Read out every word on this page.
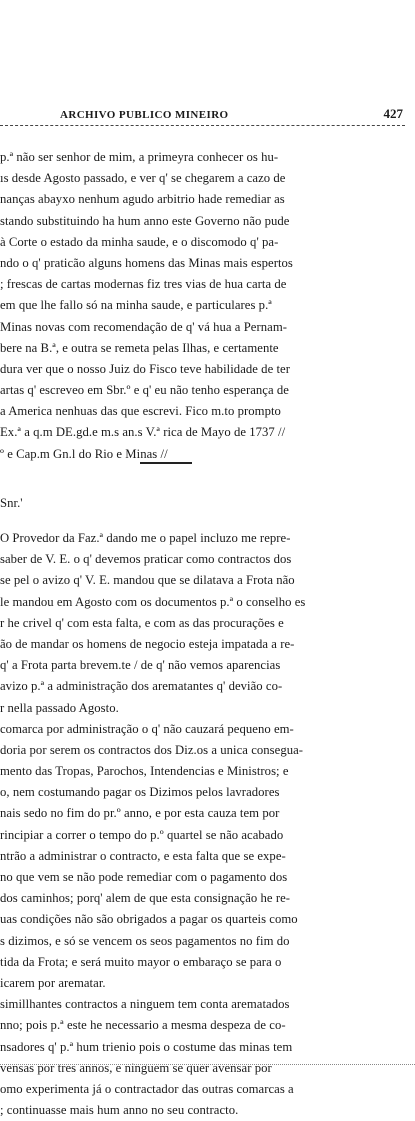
ARCHIVO PUBLICO MINEIRO	427
p.ª não ser senhor de mim, a primeyra conhecer os hu-
ıs desde Agosto passado, e ver q' se chegarem a cazo de
nanças abayxo nenhum agudo arbitrio hade remediar as
stando substituindo ha hum anno este Governo não pude
à Corte o estado da minha saude, e o discomodo q' pa-
ndo o q' praticão alguns homens das Minas mais espertos
; frescas de cartas modernas fiz tres vias de hua carta de
em que lhe fallo só na minha saude, e particulares p.ª
Minas novas com recomendação de q' vá hua a Pernam-
bere na B.ª, e outra se remeta pelas Ilhas, e certamente
dura ver que o nosso Juiz do Fisco teve habilidade de ter
artas q' escreveo em Sbr.º e q' eu não tenho esperança de
a America nenhuas das que escrevi. Fico m.to prompto
Ex.ª a q.m DE.gd.e m.s an.s V.ª rica de Mayo de 1737 //
º e Cap.m Gn.l do Rio e Minas //
Snr.'
O Provedor da Faz.ª dando me o papel incluzo me repre-
saber de V. E. o q' devemos praticar como contractos dos
se pel o avizo q' V. E. mandou que se dilatava a Frota não
le mandou em Agosto com os documentos p.ª o conselho es
r he crivel q' com esta falta, e com as das procurações e
ão de mandar os homens de negocio esteja impatada a re-
q' a Frota parta brevem.te / de q' não vemos aparencias
avizo p.ª a administração dos arematantes q' devião co-
r nella passado Agosto.
comarca por administração o q' não cauzará pequeno em-
doria por serem os contractos dos Diz.os a unica consegua-
mento das Tropas, Parochos, Intendencias e Ministros; e
o, nem costumando pagar os Dizimos pelos lavradores
nais sedo no fim do pr.º anno, e por esta cauza tem por
rincipiar a correr o tempo do p.º quartel se não acabado
ntrão a administrar o contracto, e esta falta que se expe-
no que vem se não pode remediar com o pagamento dos
dos caminhos; porq' alem de que esta consignação he re-
uas condições não são obrigados a pagar os quarteis como
s dizimos, e só se vencem os seos pagamentos no fim do
tida da Frota; e será muito mayor o embaraço se para o
icarem por arematar.
simillhantes contractos a ninguem tem conta arematados
nno; pois p.ª este he necessario a mesma despeza de co-
nsadores q' p.ª hum trienio pois o costume das minas tem
vensas por tres annos, e ninguem se quer avensar por
omo experimenta já o contractador das outras comarcas a
; continuasse mais hum anno no seu contracto.
